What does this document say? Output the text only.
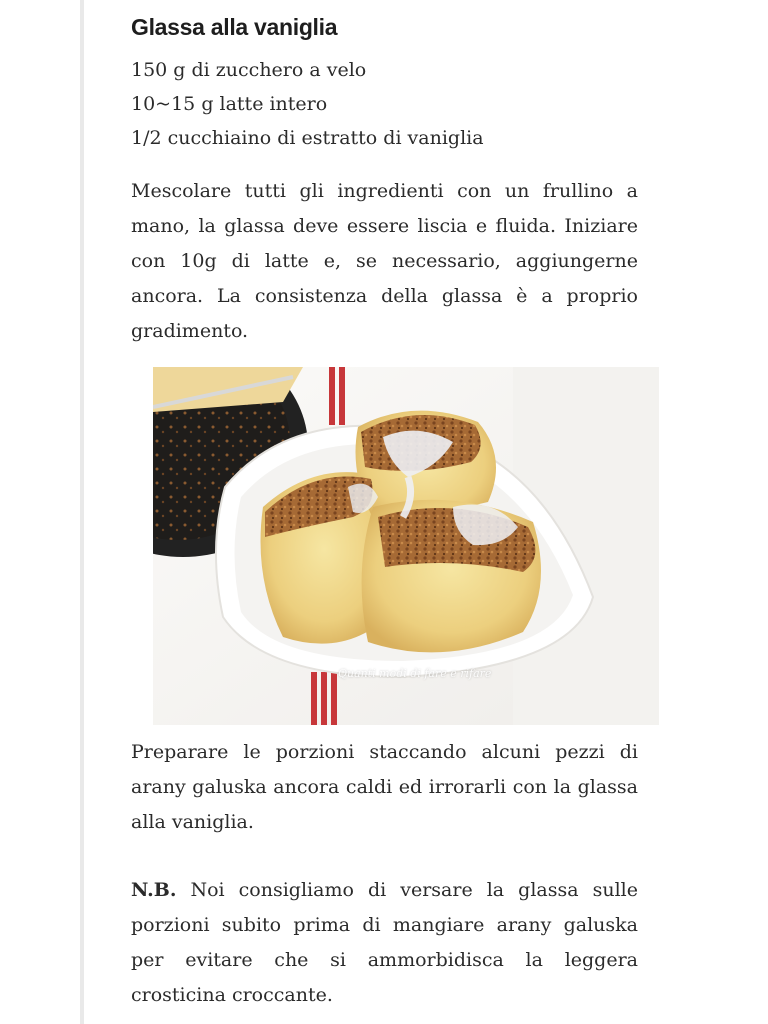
Glassa alla vaniglia
150 g di zucchero a velo
10~15 g latte intero
1/2 cucchiaino di estratto di vaniglia

Mescolare tutti gli ingredienti con un frullino a mano, la glassa deve essere liscia e fluida. Iniziare con 10g di latte e, se necessario, aggiungerne ancora. La consistenza della glassa è a proprio gradimento.

Quanti modi di fare e rifare

Preparare le porzioni staccando alcuni pezzi di arany galuska ancora caldi ed irrorarli con la glassa alla vaniglia.

N.B. Noi consigliamo di versare la glassa sulle porzioni subito prima di mangiare arany galuska per evitare che si ammorbidisca la leggera crosticina croccante.
